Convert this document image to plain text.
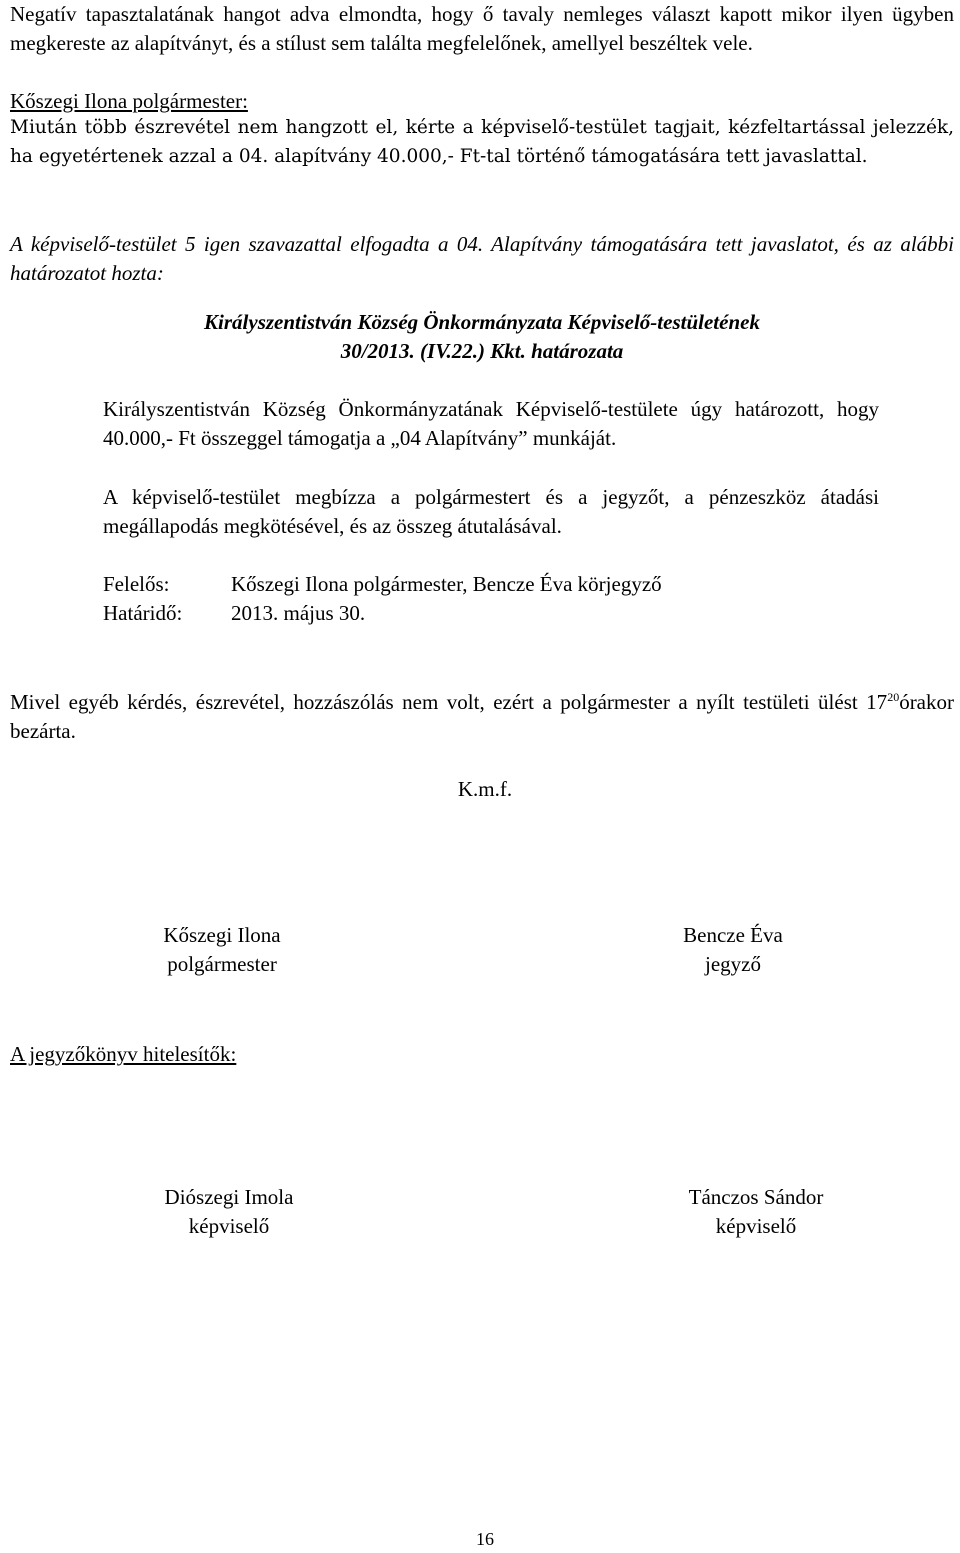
Negatív tapasztalatának hangot adva elmondta, hogy ő tavaly nemleges választ kapott mikor ilyen ügyben megkereste az alapítványt, és a stílust sem találta megfelelőnek, amellyel beszéltek vele.

Kőszegi Ilona polgármester:

Miután több észrevétel nem hangzott el, kérte a képviselő-testület tagjait, kézfeltartással jelezzék, ha egyetértenek azzal a 04. alapítvány 40.000,- Ft-tal történő támogatására tett javaslattal.

A képviselő-testület 5 igen szavazattal elfogadta a 04. Alapítvány támogatására tett javaslatot, és az alábbi határozatot hozta:

Királyszentistván Község Önkormányzata Képviselő-testületének
30/2013. (IV.22.) Kkt. határozata

Királyszentistván Község Önkormányzatának Képviselő-testülete úgy határozott, hogy 40.000,- Ft összeggel támogatja a „04 Alapítvány” munkáját.

A képviselő-testület megbízza a polgármestert és a jegyzőt, a pénzeszköz átadási megállapodás megkötésével, és az összeg átutalásával.

Felelős:	Kőszegi Ilona polgármester, Bencze Éva körjegyző
Határidő: 2013. május 30.

Mivel egyéb kérdés, észrevétel, hozzászólás nem volt, ezért a polgármester a nyílt testületi ülést $17^{20}órakor$ bezárta.

K.m.f.
Kőszegi Ilona
polgármester
Bencze Éva
jegyző
A jegyzőkönyv hitelesítők:
Diószegi Imola
képviselő
Tánczos Sándor
képviselő
16
